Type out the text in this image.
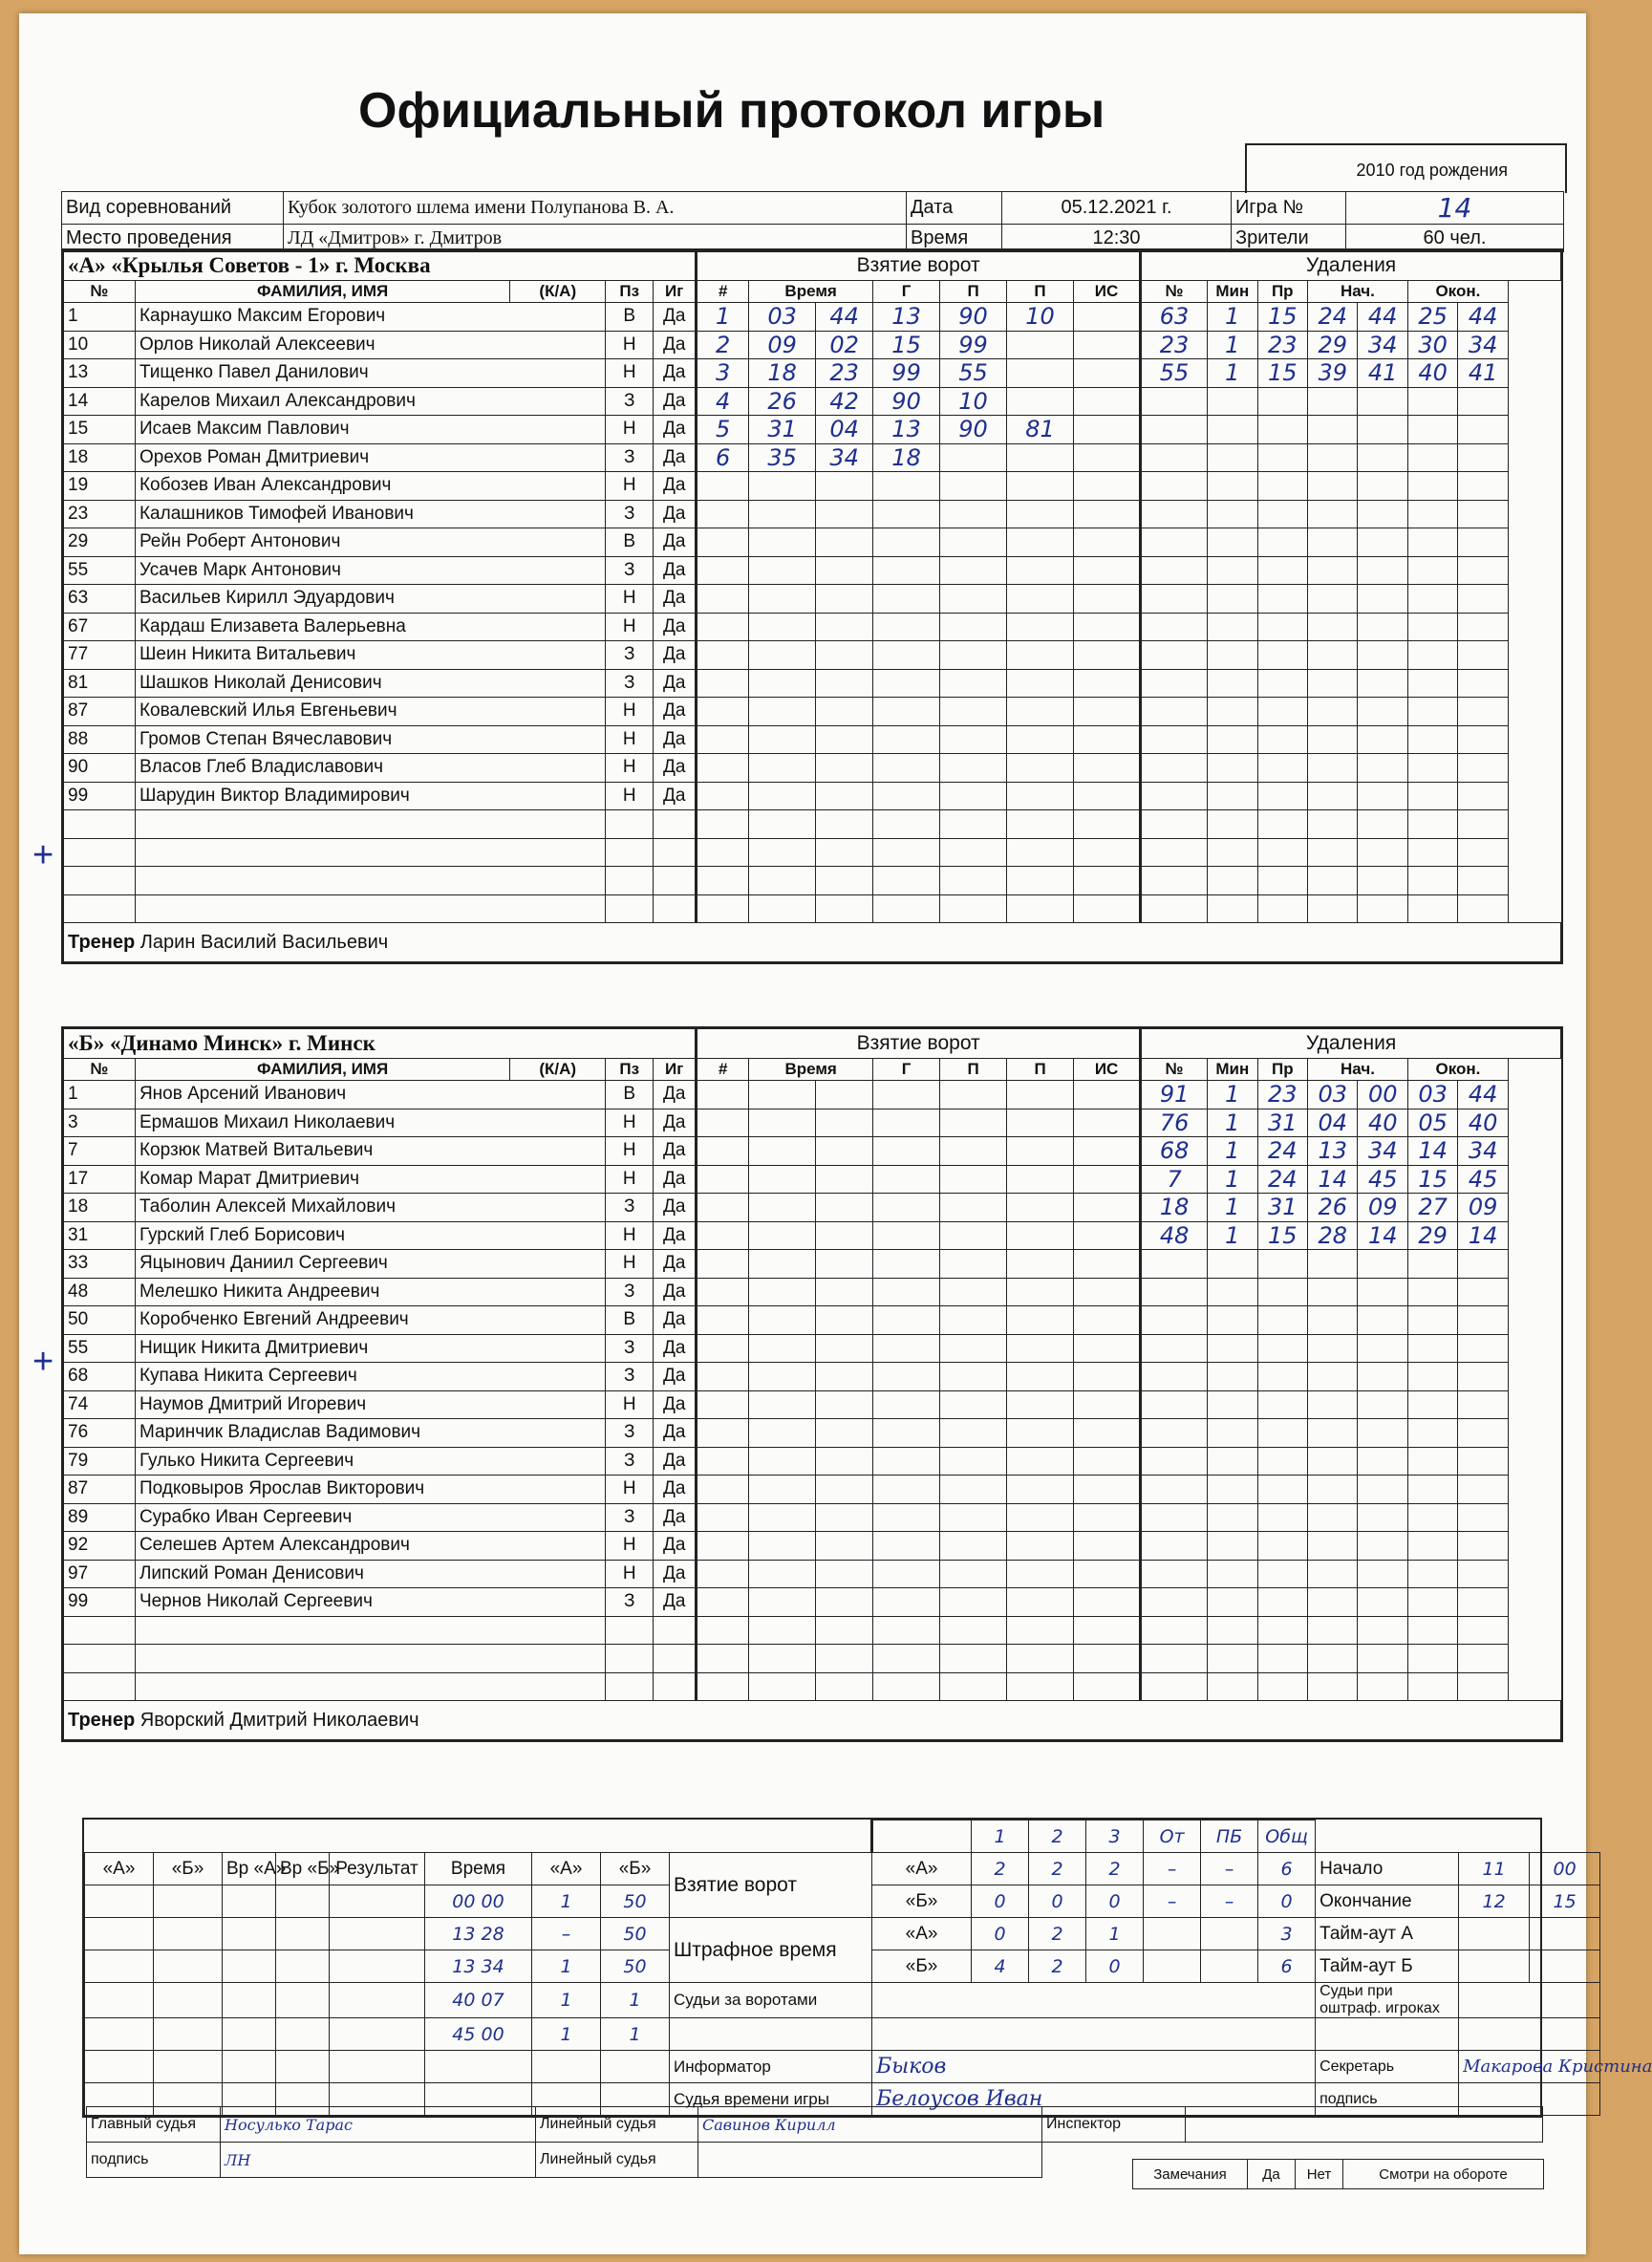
Официальный протокол игры
2010 год рождения
Вид соревнований	Кубок золотого шлема имени Полупанова В. А.	Дата	05.12.2021 г.	Игра №	14
Место проведения	ЛД «Дмитров» г. Дмитров	Время	12:30	Зрители	60 чел.
«А» «Крылья Советов - 1» г. Москва					Взятие ворот							Удаления						
№	ФАМИЛИЯ, ИМЯ	(К/А)	Пз	Иг	#	Время		Г	П	П	ИС	№	Мин	Пр	Нач.		Окон.	
1	Карнаушко Максим Егорович		В	Да	1	03	44	13	90	10		63	1	15	24	44	25	44
10	Орлов Николай Алексеевич		Н	Да	2	09	02	15	99			23	1	23	29	34	30	34
13	Тищенко Павел Данилович		Н	Да	3	18	23	99	55			55	1	15	39	41	40	41
14	Карелов Михаил Александрович		З	Да	4	26	42	90	10									
15	Исаев Максим Павлович		Н	Да	5	31	04	13	90	81								
18	Орехов Роман Дмитриевич		З	Да	6	35	34	18										
19	Кобозев Иван Александрович		Н	Да														
23	Калашников Тимофей Иванович		З	Да														
29	Рейн Роберт Антонович		В	Да														
55	Усачев Марк Антонович		З	Да														
63	Васильев Кирилл Эдуардович		Н	Да														
67	Кардаш Елизавета Валерьевна		Н	Да														
77	Шеин Никита Витальевич		З	Да														
81	Шашков Николай Денисович		З	Да														
87	Ковалевский Илья Евгеньевич		Н	Да														
88	Громов Степан Вячеславович		Н	Да														
90	Власов Глеб Владиславович		Н	Да														
99	Шарудин Виктор Владимирович		Н	Да														

Тренер Ларин Василий Васильевич																		
«Б» «Динамо Минск» г. Минск					Взятие ворот							Удаления						
№	ФАМИЛИЯ, ИМЯ	(К/А)	Пз	Иг	#	Время		Г	П	П	ИС	№	Мин	Пр	Нач.		Окон.	
1	Янов Арсений Иванович		В	Да								91	1	23	03	00	03	44
3	Ермашов Михаил Николаевич		Н	Да								76	1	31	04	40	05	40
7	Корзюк Матвей Витальевич		Н	Да								68	1	24	13	34	14	34
17	Комар Марат Дмитриевич		Н	Да								7	1	24	14	45	15	45
18	Таболин Алексей Михайлович		З	Да								18	1	31	26	09	27	09
31	Гурский Глеб Борисович		Н	Да								48	1	15	28	14	29	14
33	Яцынович Даниил Сергеевич		Н	Да														
48	Мелешко Никита Андреевич		З	Да														
50	Коробченко Евгений Андреевич		В	Да														
55	Нищик Никита Дмитриевич		З	Да														
68	Купава Никита Сергеевич		З	Да														
74	Наумов Дмитрий Игоревич		Н	Да														
76	Маринчик Владислав Вадимович		З	Да														
79	Гулько Никита Сергеевич		З	Да														
87	Подковыров Ярослав Викторович		Н	Да														
89	Сурабко Иван Сергеевич		З	Да														
92	Селешев Артем Александрович		Н	Да														
97	Липский Роман Денисович		Н	Да														
99	Чернов Николай Сергеевич		З	Да														

Тренер Яворский Дмитрий Николаевич																		
+
+
										1	2	3	От	ПБ	Общ			
«А»	«Б»	Вр «А»	Вр «Б»	Результат	Время	«А»	«Б»	Взятие ворот	«А»	2	2	2	–	–	6	Начало	11	00
					00 00	1	50		«Б»	0	0	0	–	–	0	Окончание	12	15
					13 28	–	50	Штрафное время	«А»	0	2	1			3	Тайм-аут А		
					13 34	1	50		«Б»	4	2	0			6	Тайм-аут Б		
					40 07	1	1	Судьи за воротами								Судьи при оштраф. игроках		
					45 00	1	1											
								Информатор	Быков							Секретарь	Макарова Кристина	
								Судья времени игры	Белоусов Иван							подпись		
Главный судья	Носулько Тарас	Линейный судья	Савинов Кирилл	Инспектор	
подпись	ЛН	Линейный судья			
Замечания	Да	Нет	Смотри на обороте
